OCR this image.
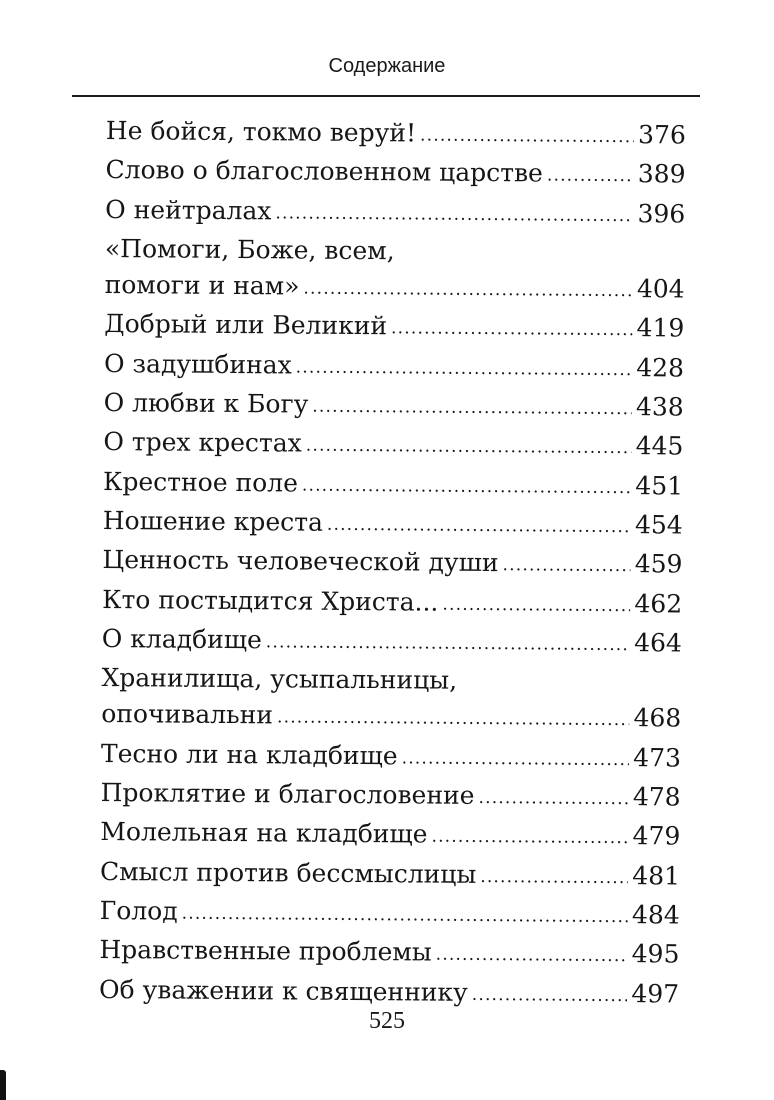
Содержание
Не бойся, токмо веруй! .....	376
Слово о благословенном царстве .....	389
О нейтралах .....	396
«Помоги, Боже, всем,
помоги и нам» .....	404
Добрый или Великий .....	419
О задушбинах .....	428
О любви к Богу .....	438
О трех крестах .....	445
Крестное поле .....	451
Ношение креста .....	454
Ценность человеческой души .....	459
Кто постыдится Христа... .....	462
О кладбище .....	464
Хранилища, усыпальницы,
опочивальни .....	468
Тесно ли на кладбище .....	473
Проклятие и благословение .....	478
Молельная на кладбище .....	479
Смысл против бессмыслицы .....	481
Голод .....	484
Нравственные проблемы .....	495
Об уважении к священнику .....	497
525
